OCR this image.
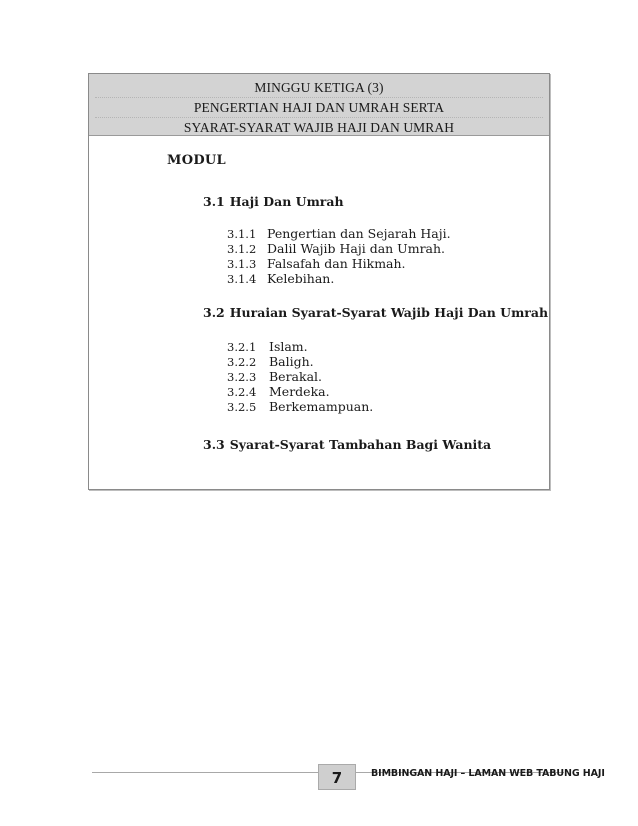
MINGGU KETIGA (3)
PENGERTIAN HAJI DAN UMRAH SERTA
SYARAT-SYARAT WAJIB HAJI DAN UMRAH
MODUL
3.1 Haji Dan Umrah
3.1.1 Pengertian dan Sejarah Haji.
3.1.2 Dalil Wajib Haji dan Umrah.
3.1.3 Falsafah dan Hikmah.
3.1.4 Kelebihan.
3.2 Huraian Syarat-Syarat Wajib Haji Dan Umrah
3.2.1 Islam.
3.2.2 Baligh.
3.2.3 Berakal.
3.2.4 Merdeka.
3.2.5 Berkemampuan.
3.3 Syarat-Syarat Tambahan Bagi Wanita
7	BIMBINGAN HAJI – LAMAN WEB TABUNG HAJI
